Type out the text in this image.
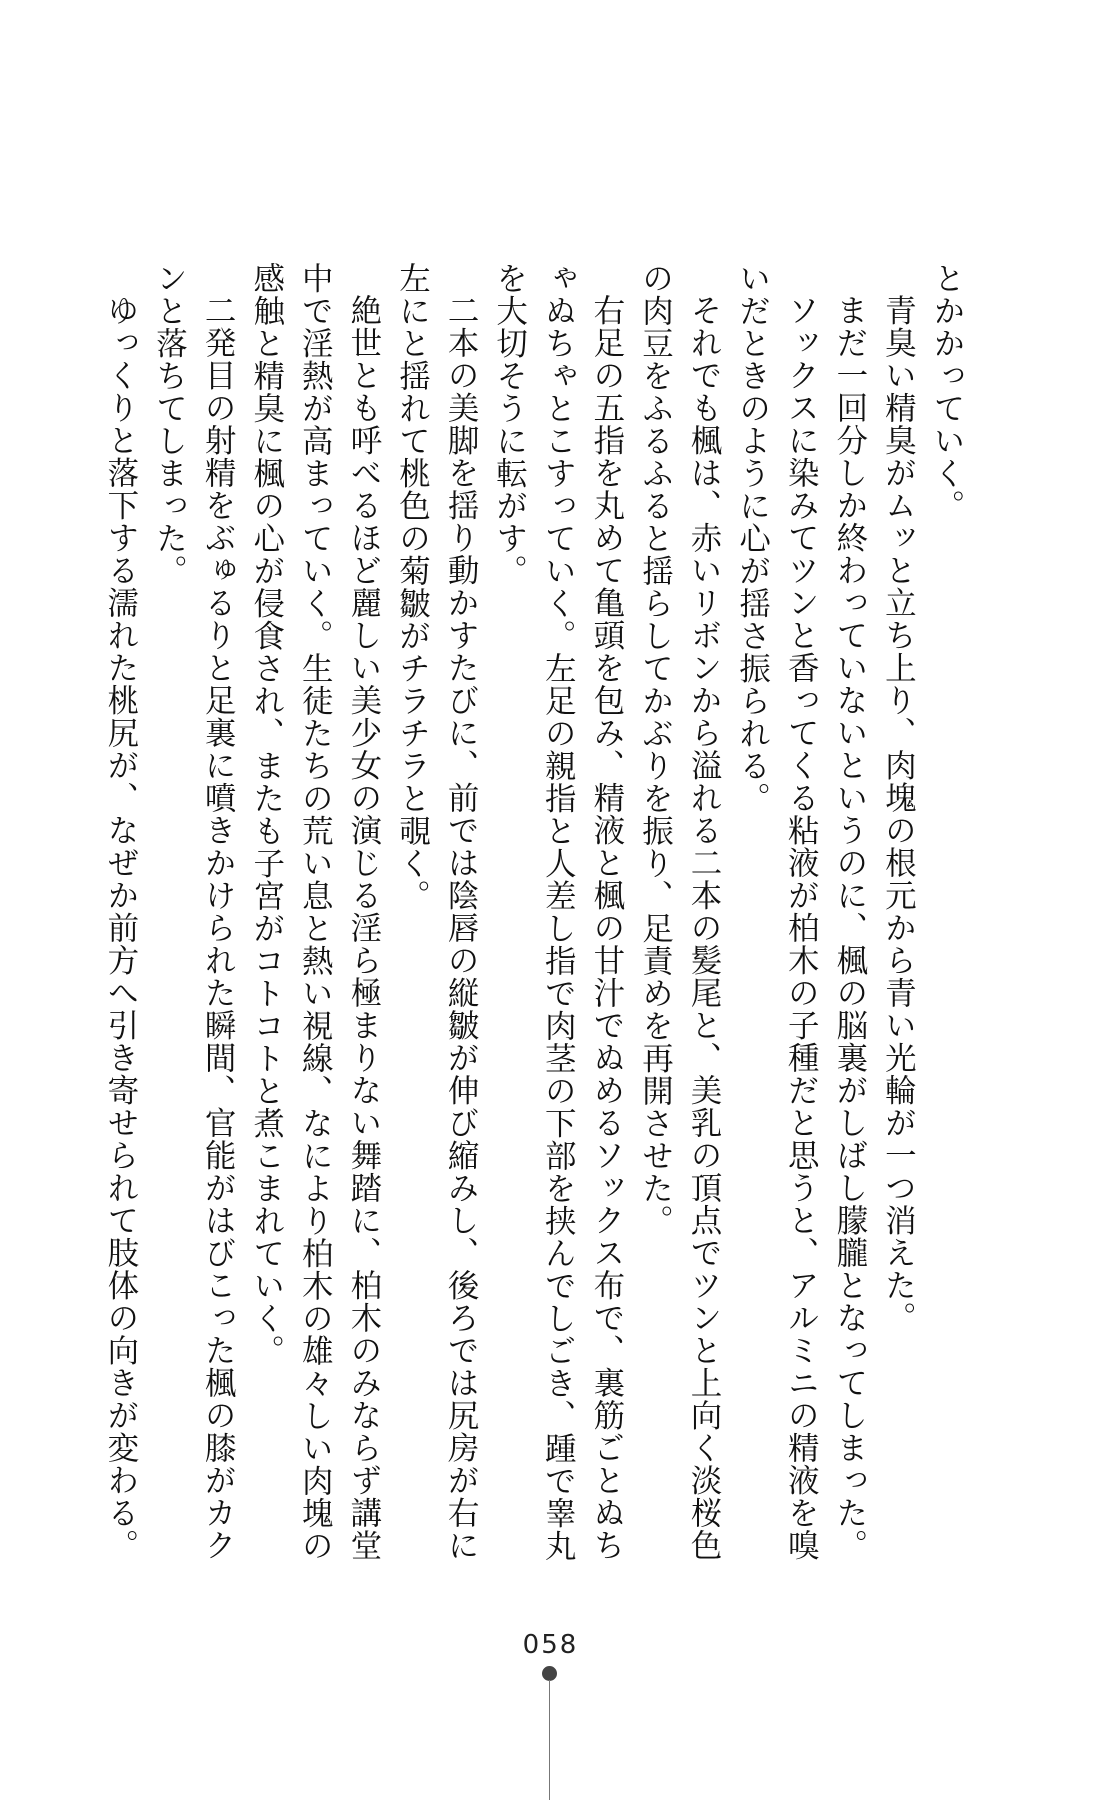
とかかっていく。

青臭い精臭がムッと立ち上り、肉塊の根元から青い光輪が一つ消えた。

まだ一回分しか終わっていないというのに、楓の脳裏がしばし朦朧となってしまった。

ソックスに染みてツンと香ってくる粘液が柏木の子種だと思うと、アルミニの精液を嗅

いだときのように心が揺さ振られる。

それでも楓は、赤いリボンから溢れる二本の髪尾と、美乳の頂点でツンと上向く淡桜色

の肉豆をふるふると揺らしてかぶりを振り、足責めを再開させた。

右足の五指を丸めて亀頭を包み、精液と楓の甘汁でぬめるソックス布で、裏筋ごとぬち

ゃぬちゃとこすっていく。左足の親指と人差し指で肉茎の下部を挟んでしごき、踵で睾丸

を大切そうに転がす。

二本の美脚を揺り動かすたびに、前では陰唇の縦皺が伸び縮みし、後ろでは尻房が右に

左にと揺れて桃色の菊皺がチラチラと覗く。

絶世とも呼べるほど麗しい美少女の演じる淫ら極まりない舞踏に、柏木のみならず講堂

中で淫熱が高まっていく。生徒たちの荒い息と熱い視線、なにより柏木の雄々しい肉塊の

感触と精臭に楓の心が侵食され、またも子宮がコトコトと煮こまれていく。

二発目の射精をぶゅるりと足裏に噴きかけられた瞬間、官能がはびこった楓の膝がカク

ンと落ちてしまった。

ゆっくりと落下する濡れた桃尻が、なぜか前方へ引き寄せられて肢体の向きが変わる。

058
